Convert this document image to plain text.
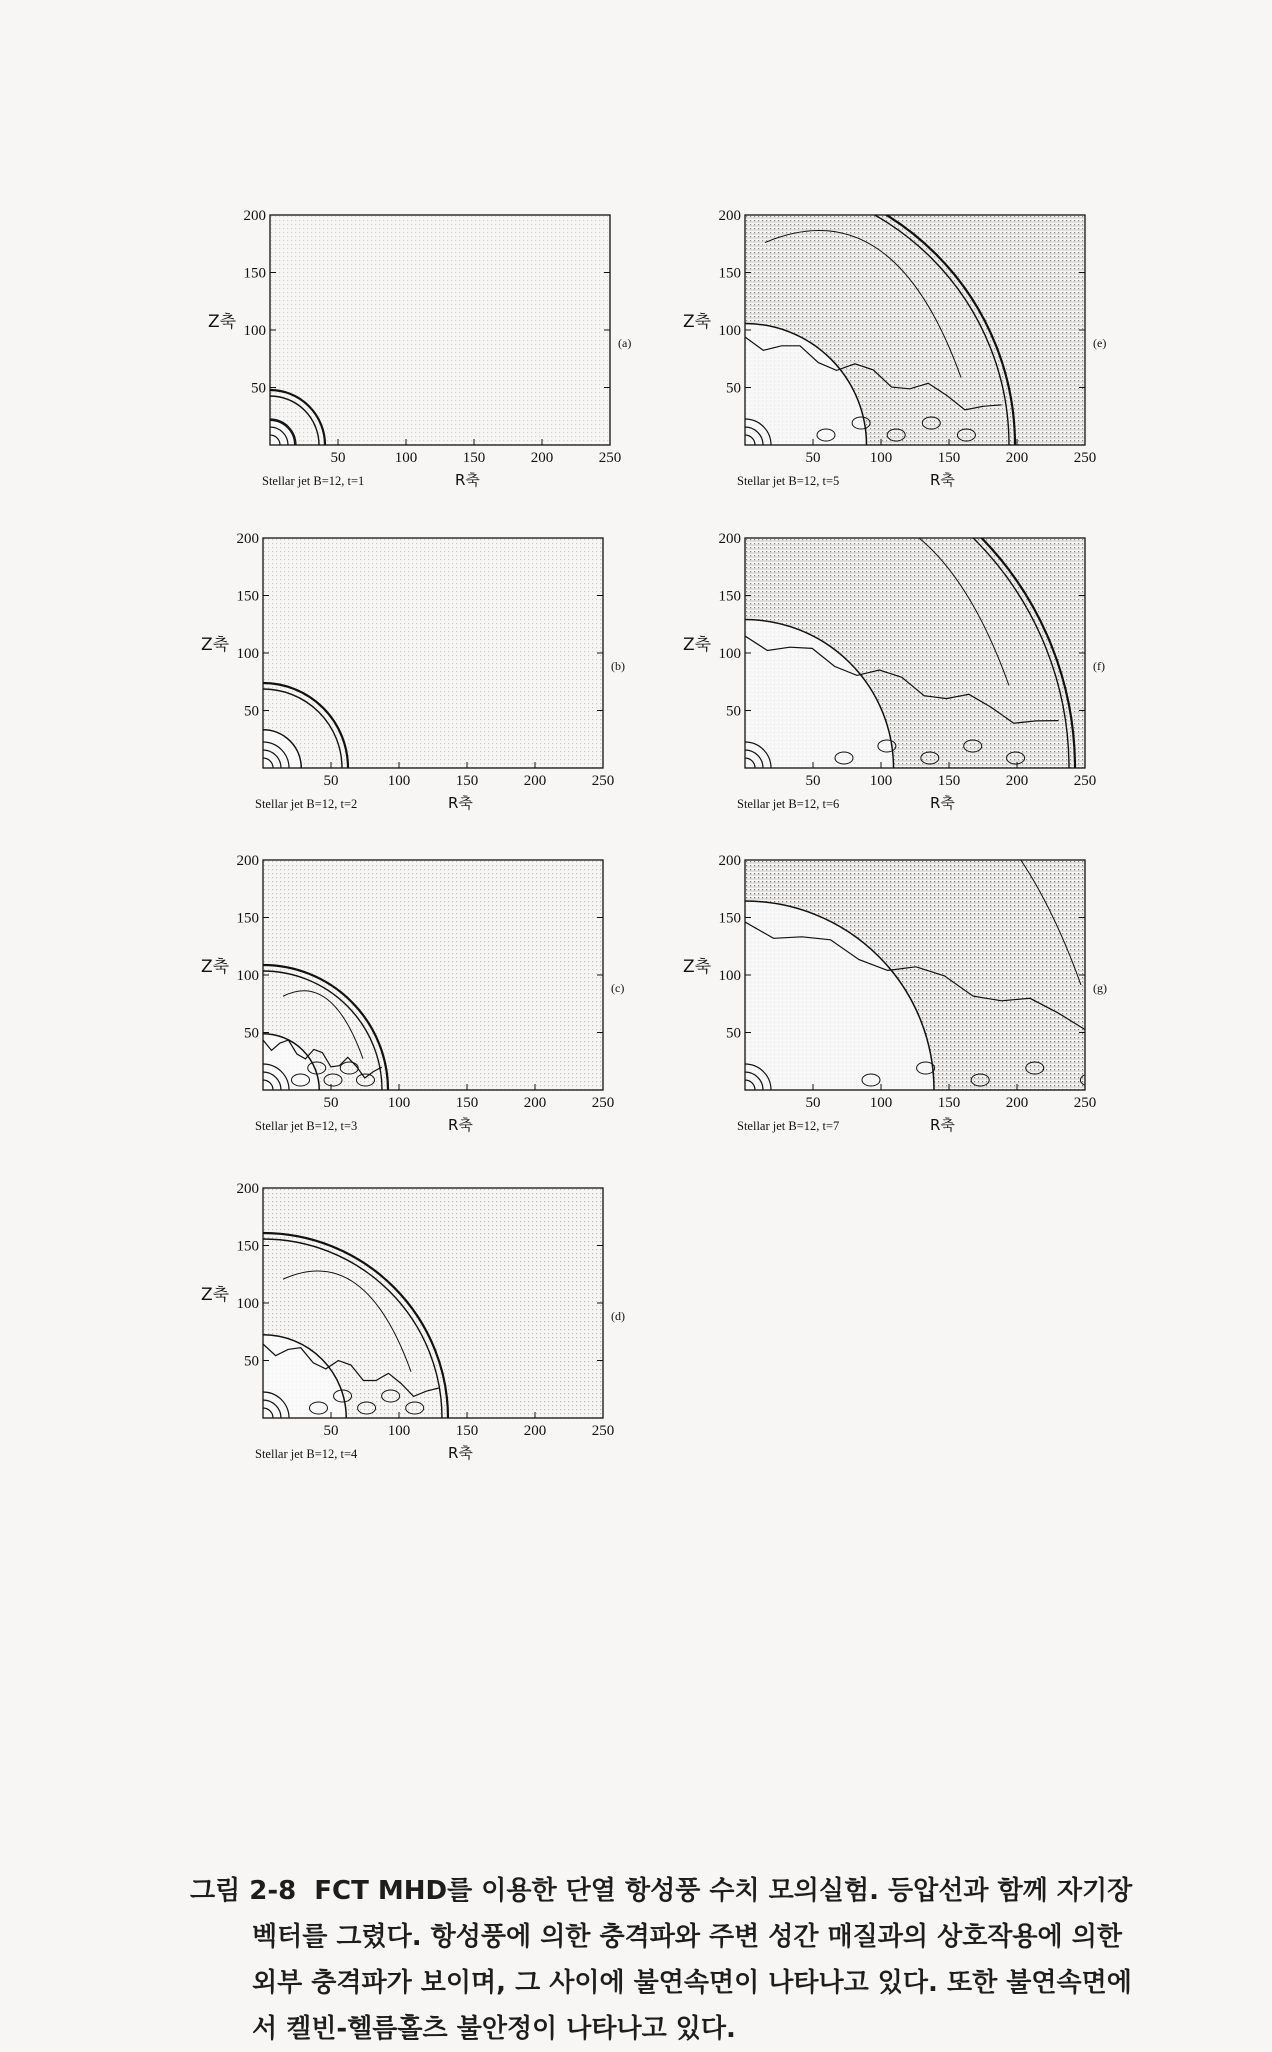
200
150
100
50
50	100	150	200	250
Z축
(a)
Stellar jet B=12, t=1	R축
200
150
100
50
50	100	150	200	250
Z축
(b)
Stellar jet B=12, t=2	R축
200
150
100
50
50	100	150	200	250
Z축
(c)
Stellar jet B=12, t=3	R축
200
150
100
50
50	100	150	200	250
Z축
(d)
Stellar jet B=12, t=4	R축
200
150
100
50
50	100	150	200	250
Z축
(e)
Stellar jet B=12, t=5	R축
200
150
100
50
50	100	150	200	250
Z축
(f)
Stellar jet B=12, t=6	R축
200
150
100
50
50	100	150	200	250
Z축
(g)
Stellar jet B=12, t=7	R축
그림 2-8 FCT MHD를 이용한 단열 항성풍 수치 모의실험. 등압선과 함께 자기장
벡터를 그렸다. 항성풍에 의한 충격파와 주변 성간 매질과의 상호작용에 의한
외부 충격파가 보이며, 그 사이에 불연속면이 나타나고 있다. 또한 불연속면에
서 켈빈-헬름홀츠 불안정이 나타나고 있다.
